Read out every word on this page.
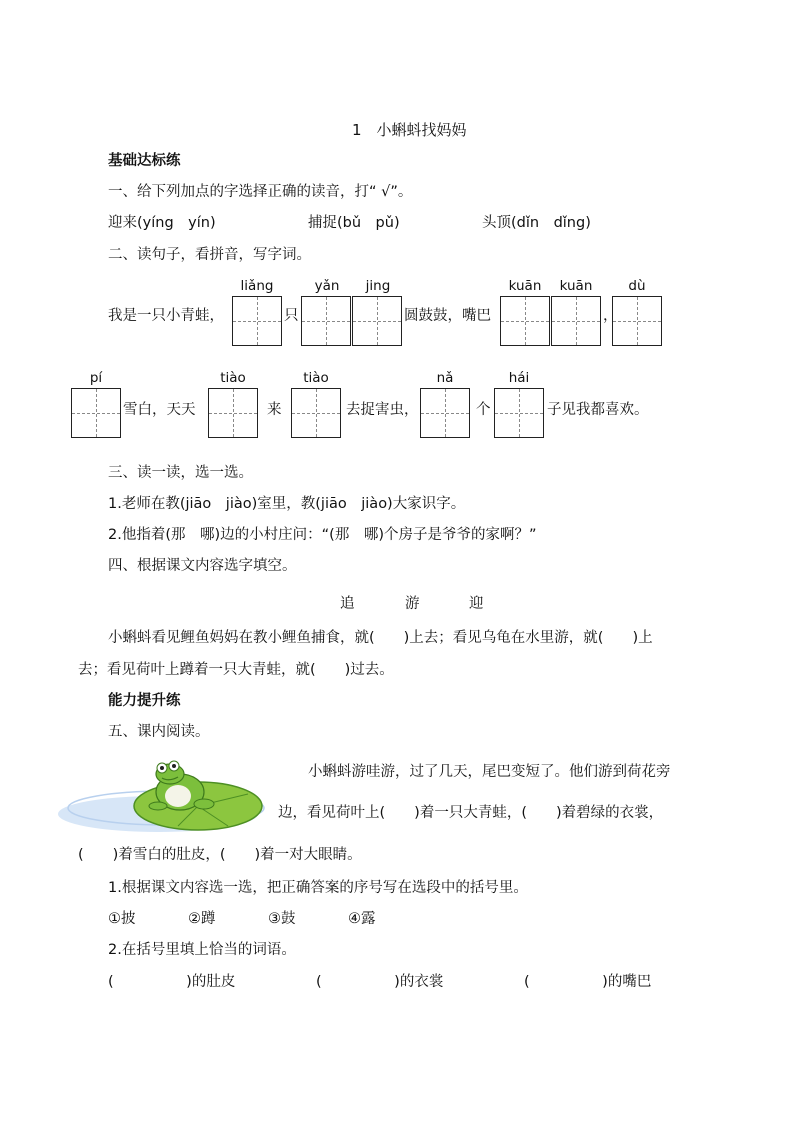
1　小蝌蚪找妈妈
基础达标练
一、给下列加点的字选择正确的读音，打“ √”。
迎来(yíng　yín)	捕捉(bǔ　pǔ)	头顶(dǐn　dǐng)
二、读句子，看拼音，写字词。
liǎng	yǎn	jing	kuān	kuān	dù
我是一只小青蛙，	只	圆鼓鼓，嘴巴	，
pí	tiào	tiào	nǎ	hái
雪白，天天	来	去捉害虫，	个	子见我都喜欢。
三、读一读，选一选。
1.老师在教(jiāo　jiào)室里，教(jiāo　jiào)大家识字。
2.他指着(那　哪)边的小村庄问：“(那　哪)个房子是爷爷的家啊？”
四、根据课文内容选字填空。
追	游	迎
小蝌蚪看见鲤鱼妈妈在教小鲤鱼捕食，就(　　)上去；看见乌龟在水里游，就(　　)上
去；看见荷叶上蹲着一只大青蛙，就(　　)过去。
能力提升练
五、课内阅读。
小蝌蚪游哇游，过了几天，尾巴变短了。他们游到荷花旁
边，看见荷叶上(　　)着一只大青蛙，(　　)着碧绿的衣裳，
(　　)着雪白的肚皮，(　　)着一对大眼睛。
1.根据课文内容选一选，把正确答案的序号写在选段中的括号里。
①披	②蹲	③鼓	④露
2.在括号里填上恰当的词语。
(　　　　　)的肚皮	(　　　　　)的衣裳	(　　　　　)的嘴巴
